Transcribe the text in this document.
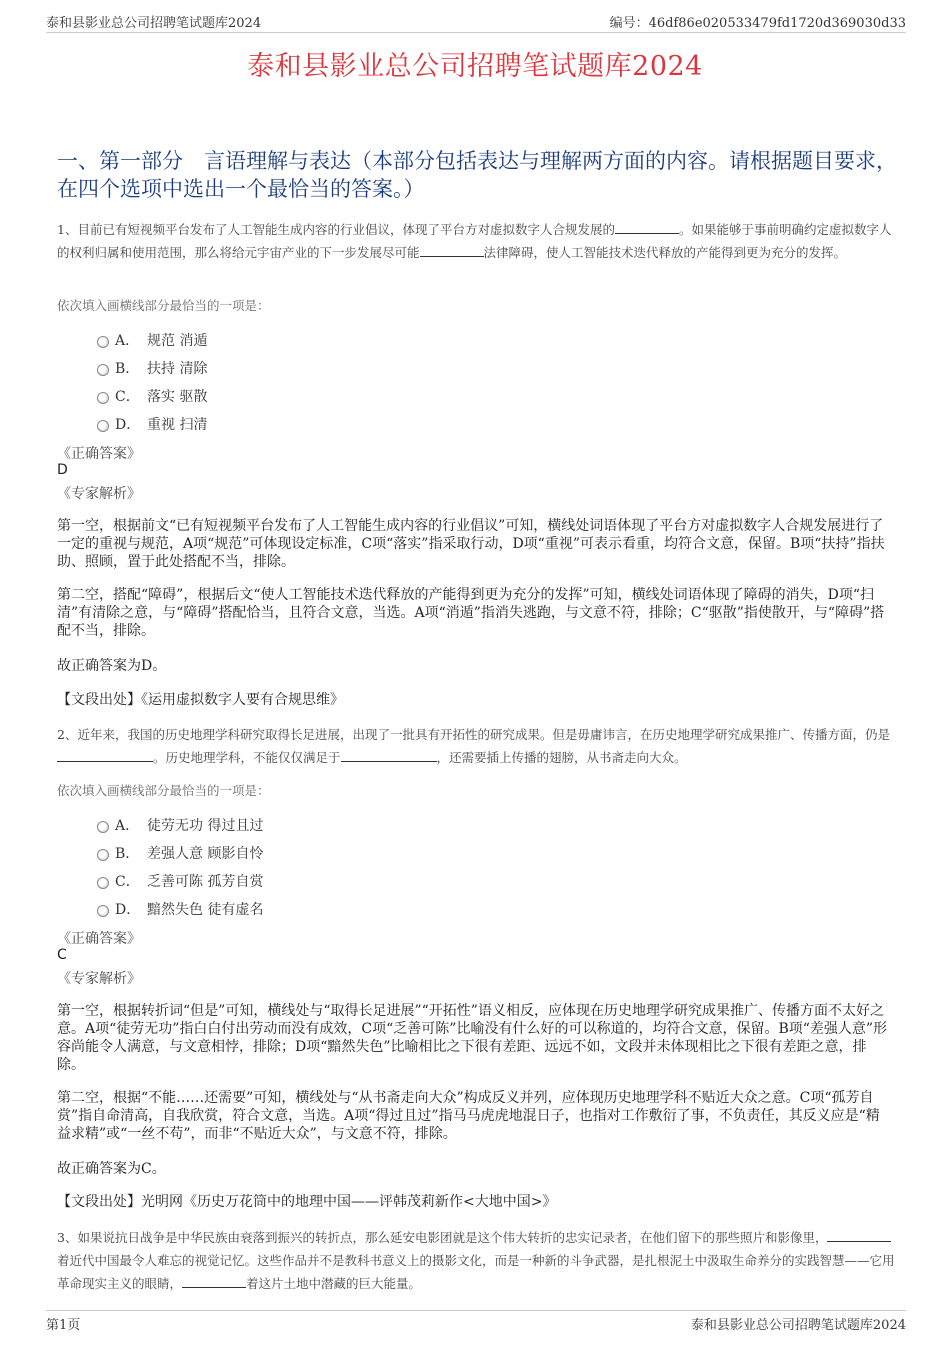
泰和县影业总公司招聘笔试题库2024	编号：46df86e020533479fd1720d369030d33
泰和县影业总公司招聘笔试题库2024
一、第一部分　言语理解与表达（本部分包括表达与理解两方面的内容。请根据题目要求，在四个选项中选出一个最恰当的答案。）
1、目前已有短视频平台发布了人工智能生成内容的行业倡议，体现了平台方对虚拟数字人合规发展的	。如果能够于事前明确约定虚拟数字人的权利归属和使用范围，那么将给元宇宙产业的下一步发展尽可能	法律障碍，使人工智能技术迭代释放的产能得到更为充分的发挥。
依次填入画横线部分最恰当的一项是：
A． 规范 消遁
B． 扶持 清除
C． 落实 驱散
D． 重视 扫清
《正确答案》
D
《专家解析》
第一空，根据前文“已有短视频平台发布了人工智能生成内容的行业倡议”可知，横线处词语体现了平台方对虚拟数字人合规发展进行了一定的重视与规范，A项“规范”可体现设定标准，C项“落实”指采取行动，D项“重视”可表示看重，均符合文意，保留。B项“扶持”指扶助、照顾，置于此处搭配不当，排除。
第二空，搭配“障碍”，根据后文“使人工智能技术迭代释放的产能得到更为充分的发挥”可知，横线处词语体现了障碍的消失，D项“扫清”有清除之意，与“障碍”搭配恰当，且符合文意，当选。A项“消遁”指消失逃跑，与文意不符，排除；C“驱散”指使散开，与“障碍”搭配不当，排除。
故正确答案为D。
【文段出处】《运用虚拟数字人要有合规思维》
2、近年来，我国的历史地理学科研究取得长足进展，出现了一批具有开拓性的研究成果。但是毋庸讳言，在历史地理学研究成果推广、传播方面，仍是。历史地理学科，不能仅仅满足于	，还需要插上传播的翅膀，从书斋走向大众。
依次填入画横线部分最恰当的一项是：
A． 徒劳无功 得过且过
B． 差强人意 顾影自怜
C． 乏善可陈 孤芳自赏
D． 黯然失色 徒有虚名
《正确答案》
C
《专家解析》
第一空，根据转折词“但是”可知，横线处与“取得长足进展”“开拓性”语义相反，应体现在历史地理学研究成果推广、传播方面不太好之意。A项“徒劳无功”指白白付出劳动而没有成效，C项“乏善可陈”比喻没有什么好的可以称道的，均符合文意，保留。B项“差强人意”形容尚能令人满意，与文意相悖，排除；D项“黯然失色”比喻相比之下很有差距、远远不如，文段并未体现相比之下很有差距之意，排除。
第二空，根据“不能……还需要”可知，横线处与“从书斋走向大众”构成反义并列，应体现历史地理学科不贴近大众之意。C项“孤芳自赏”指自命清高，自我欣赏，符合文意，当选。A项“得过且过”指马马虎虎地混日子，也指对工作敷衍了事，不负责任，其反义应是“精益求精”或“一丝不苟”，而非“不贴近大众”，与文意不符，排除。
故正确答案为C。
【文段出处】光明网《历史万花筒中的地理中国——评韩茂莉新作<大地中国>》
3、如果说抗日战争是中华民族由衰落到振兴的转折点，那么延安电影团就是这个伟大转折的忠实记录者，在他们留下的那些照片和影像里，着近代中国最令人难忘的视觉记忆。这些作品并不是教科书意义上的摄影文化，而是一种新的斗争武器，是扎根泥土中汲取生命养分的实践智慧——它用革命现实主义的眼睛，	着这片土地中潜藏的巨大能量。
第1页	泰和县影业总公司招聘笔试题库2024
